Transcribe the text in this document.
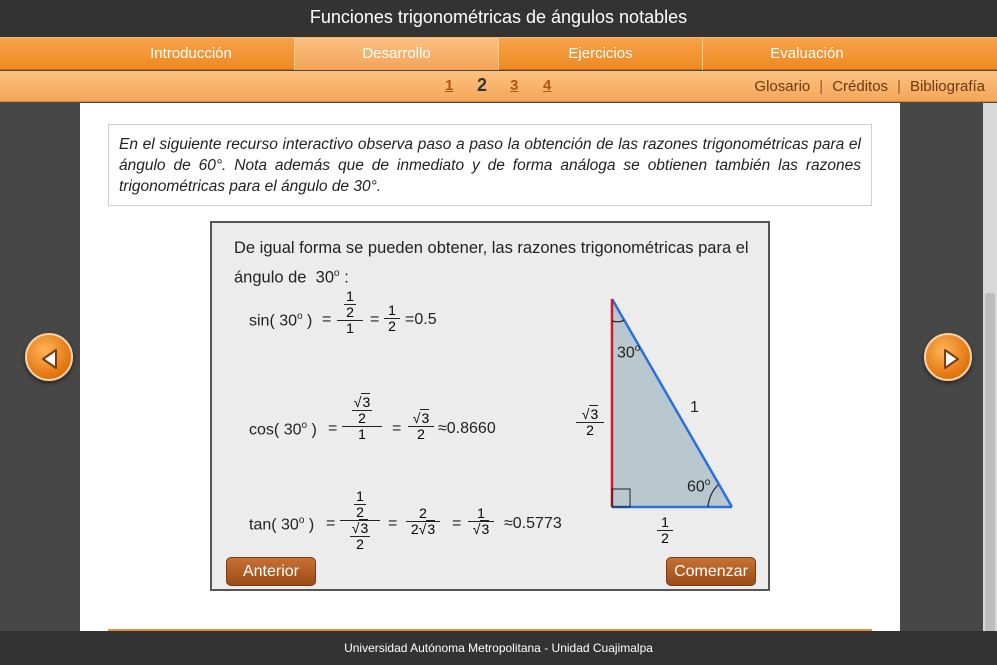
Funciones trigonométricas de ángulos notables
Introducción	Desarrollo	Ejercicios	Evaluación
1 2 3 4	Glosario | Créditos | Bibliografía
En el siguiente recurso interactivo observa paso a paso la obtención de las razones trigonométricas para el ángulo de 60°. Nota además que de inmediato y de forma análoga se obtienen también las razones trigonométricas para el ángulo de 30°.
De igual forma se pueden obtener, las razones trigonométricas para el
ángulo de 30$^o$ :
sin( 30$^o$ ) = $\frac{\frac{1}{2}}{1} = \frac{1}{2} =0.5$
cos( 30$^o$ ) = $\frac{\frac{√3}{2}}{1} = \frac{√3}{2} \approx 0.8660$
tan( 30$^o$ ) = $\frac{\frac{1}{2}}{\frac{√3}{2}} = \frac{2}{2√3} = \frac{1}{√3} \approx 0.5773$
30$^o$
60$^o$
1
$\frac{√3}{2}$
$\frac{1}{2}$
Anterior	Comenzar
Universidad Autónoma Metropolitana - Unidad Cuajimalpa
